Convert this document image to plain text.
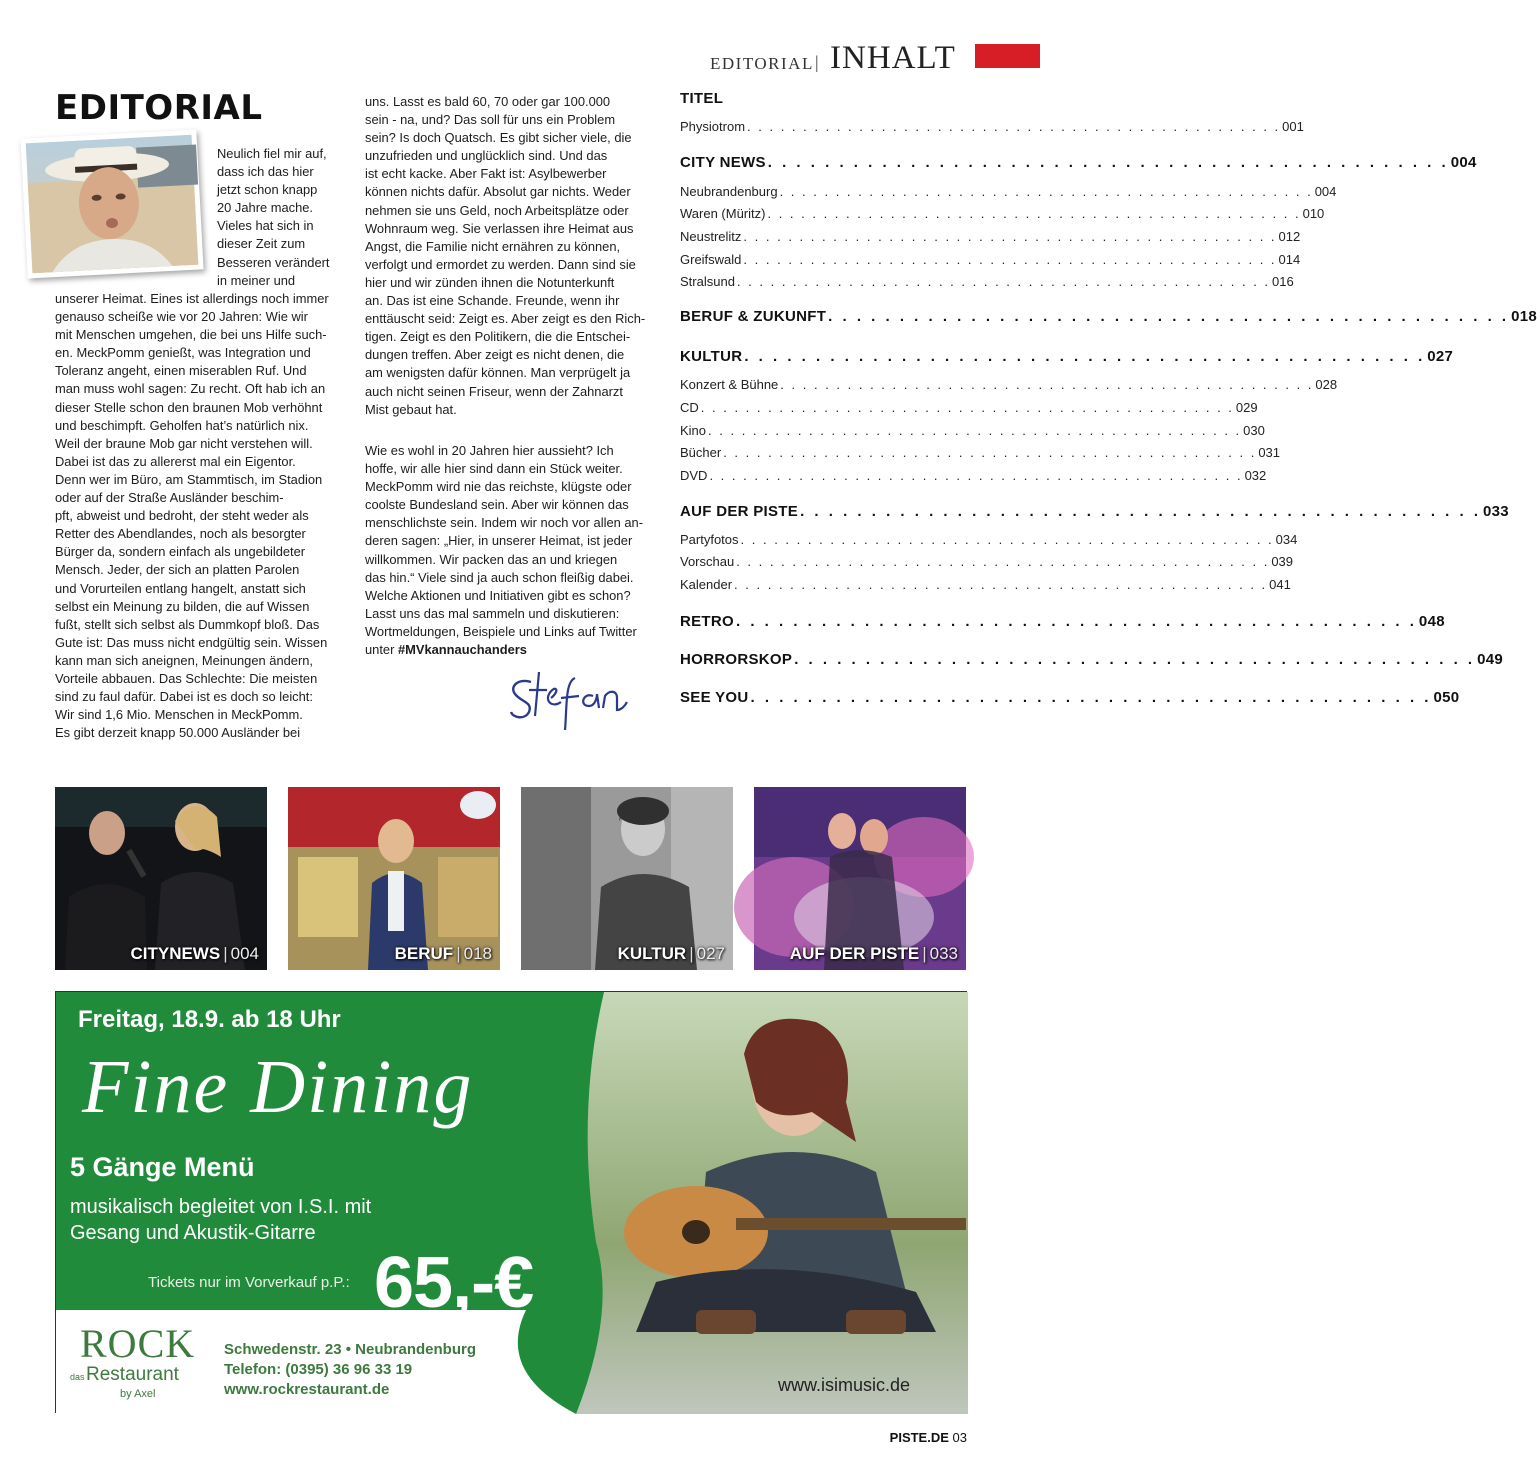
EDITORIAL | INHALT
EDITORIAL

Neulich fiel mir auf,

dass ich das hier

jetzt schon knapp

20 Jahre mache.

Vieles hat sich in

dieser Zeit zum

Besseren verändert

in meiner und

unserer Heimat. Eines ist allerdings noch immer

genauso scheiße wie vor 20 Jahren: Wie wir

mit Menschen umgehen, die bei uns Hilfe such-

en. MeckPomm genießt, was Integration und

Toleranz angeht, einen miserablen Ruf. Und

man muss wohl sagen: Zu recht. Oft hab ich an

dieser Stelle schon den braunen Mob verhöhnt

und beschimpft. Geholfen hat’s natürlich nix.

Weil der braune Mob gar nicht verstehen will.

Dabei ist das zu allererst mal ein Eigentor.

Denn wer im Büro, am Stammtisch, im Stadion

oder auf der Straße Ausländer beschim-

pft, abweist und bedroht, der steht weder als

Retter des Abendlandes, noch als besorgter

Bürger da, sondern einfach als ungebildeter

Mensch. Jeder, der sich an platten Parolen

und Vorurteilen entlang hangelt, anstatt sich

selbst ein Meinung zu bilden, die auf Wissen

fußt, stellt sich selbst als Dummkopf bloß. Das

Gute ist: Das muss nicht endgültig sein. Wissen

kann man sich aneignen, Meinungen ändern,

Vorteile abbauen. Das Schlechte: Die meisten

sind zu faul dafür. Dabei ist es doch so leicht:

Wir sind 1,6 Mio. Menschen in MeckPomm.

Es gibt derzeit knapp 50.000 Ausländer bei

uns. Lasst es bald 60, 70 oder gar 100.000

sein - na, und? Das soll für uns ein Problem

sein? Is doch Quatsch. Es gibt sicher viele, die

unzufrieden und unglücklich sind. Und das

ist echt kacke. Aber Fakt ist: Asylbewerber

können nichts dafür. Absolut gar nichts. Weder

nehmen sie uns Geld, noch Arbeitsplätze oder

Wohnraum weg. Sie verlassen ihre Heimat aus

Angst, die Familie nicht ernähren zu können,

verfolgt und ermordet zu werden. Dann sind sie

hier und wir zünden ihnen die Notunterkunft

an. Das ist eine Schande. Freunde, wenn ihr

enttäuscht seid: Zeigt es. Aber zeigt es den Rich-

tigen. Zeigt es den Politikern, die die Entschei-

dungen treffen. Aber zeigt es nicht denen, die

am wenigsten dafür können. Man verprügelt ja

auch nicht seinen Friseur, wenn der Zahnarzt

Mist gebaut hat.

Wie es wohl in 20 Jahren hier aussieht? Ich

hoffe, wir alle hier sind dann ein Stück weiter.

MeckPomm wird nie das reichste, klügste oder

coolste Bundesland sein. Aber wir können das

menschlichste sein. Indem wir noch vor allen an-

deren sagen: „Hier, in unserer Heimat, ist jeder

willkommen. Wir packen das an und kriegen

das hin.“ Viele sind ja auch schon fleißig dabei.

Welche Aktionen und Initiativen gibt es schon?

Lasst uns das mal sammeln und diskutieren:

Wortmeldungen, Beispiele und Links auf Twitter

unter #MVkannauchanders

TITEL
Physiotrom . . . . . . . . . . . . . . . . . . . . . . . . . . . . . . . . . . . . . . . . . . . . . . . . 001
CITY NEWS . . . . . . . . . . . . . . . . . . . . . . . . . . . . . . . . . . . . . . . . . . . . . . . . 004
Neubrandenburg . . . . . . . . . . . . . . . . . . . . . . . . . . . . . . . . . . . . . . . . . . . . . . . . 004
Waren (Müritz) . . . . . . . . . . . . . . . . . . . . . . . . . . . . . . . . . . . . . . . . . . . . . . . . 010
Neustrelitz . . . . . . . . . . . . . . . . . . . . . . . . . . . . . . . . . . . . . . . . . . . . . . . . 012
Greifswald . . . . . . . . . . . . . . . . . . . . . . . . . . . . . . . . . . . . . . . . . . . . . . . . 014
Stralsund . . . . . . . . . . . . . . . . . . . . . . . . . . . . . . . . . . . . . . . . . . . . . . . . 016
BERUF & ZUKUNFT . . . . . . . . . . . . . . . . . . . . . . . . . . . . . . . . . . . . . . . . . . . . . . . . 018
KULTUR . . . . . . . . . . . . . . . . . . . . . . . . . . . . . . . . . . . . . . . . . . . . . . . . 027
Konzert & Bühne . . . . . . . . . . . . . . . . . . . . . . . . . . . . . . . . . . . . . . . . . . . . . . . . 028
CD . . . . . . . . . . . . . . . . . . . . . . . . . . . . . . . . . . . . . . . . . . . . . . . . 029
Kino . . . . . . . . . . . . . . . . . . . . . . . . . . . . . . . . . . . . . . . . . . . . . . . . 030
Bücher . . . . . . . . . . . . . . . . . . . . . . . . . . . . . . . . . . . . . . . . . . . . . . . . 031
DVD . . . . . . . . . . . . . . . . . . . . . . . . . . . . . . . . . . . . . . . . . . . . . . . . 032
AUF DER PISTE . . . . . . . . . . . . . . . . . . . . . . . . . . . . . . . . . . . . . . . . . . . . . . . . 033
Partyfotos . . . . . . . . . . . . . . . . . . . . . . . . . . . . . . . . . . . . . . . . . . . . . . . . 034
Vorschau . . . . . . . . . . . . . . . . . . . . . . . . . . . . . . . . . . . . . . . . . . . . . . . . 039
Kalender . . . . . . . . . . . . . . . . . . . . . . . . . . . . . . . . . . . . . . . . . . . . . . . . 041
RETRO . . . . . . . . . . . . . . . . . . . . . . . . . . . . . . . . . . . . . . . . . . . . . . . . 048
HORRORSKOP . . . . . . . . . . . . . . . . . . . . . . . . . . . . . . . . . . . . . . . . . . . . . . . . 049
SEE YOU . . . . . . . . . . . . . . . . . . . . . . . . . . . . . . . . . . . . . . . . . . . . . . . . 050
CITYNEWS | 004	BERUF | 018	KULTUR | 027	AUF DER PISTE | 033
Freitag, 18.9. ab 18 Uhr
Fine Dining
5 Gänge Menü
musikalisch begleitet von I.S.I. mit
Gesang und Akustik-Gitarre
Tickets nur im Vorverkauf p.P.: 65,-€
ROCK
das Restaurant
by Axel
Schwedenstr. 23 • Neubrandenburg
Telefon: (0395) 36 96 33 19
www.rockrestaurant.de	www.isimusic.de
PISTE.DE 03
